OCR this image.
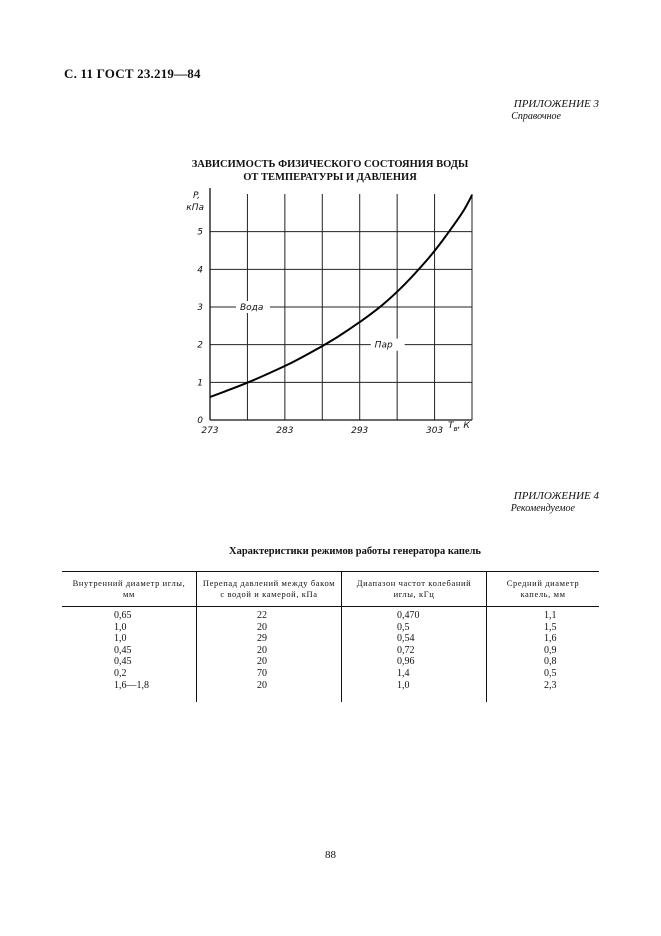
С. 11 ГОСТ 23.219—84
ПРИЛОЖЕНИЕ 3
Справочное
ЗАВИСИМОСТЬ ФИЗИЧЕСКОГО СОСТОЯНИЯ ВОДЫ
ОТ ТЕМПЕРАТУРЫ И ДАВЛЕНИЯ
0
1
2
3
4
5
273	283	293	303
P,
кПа
$T_в$, К
Вода
Пар
ПРИЛОЖЕНИЕ 4
Рекомендуемое
Характеристики режимов работы генератора капель
Внутренний диаметр иглы, мм	Перепад давлений между баком с водой и камерой, кПа	Диапазон частот колебаний иглы, кГц	Средний диаметр капель, мм
0,65	22	0,470	1,1
1,0	20	0,5	1,5
1,0	29	0,54	1,6
0,45	20	0,72	0,9
0,45	20	0,96	0,8
0,2	70	1,4	0,5
1,6—1,8	20	1,0	2,3
88
